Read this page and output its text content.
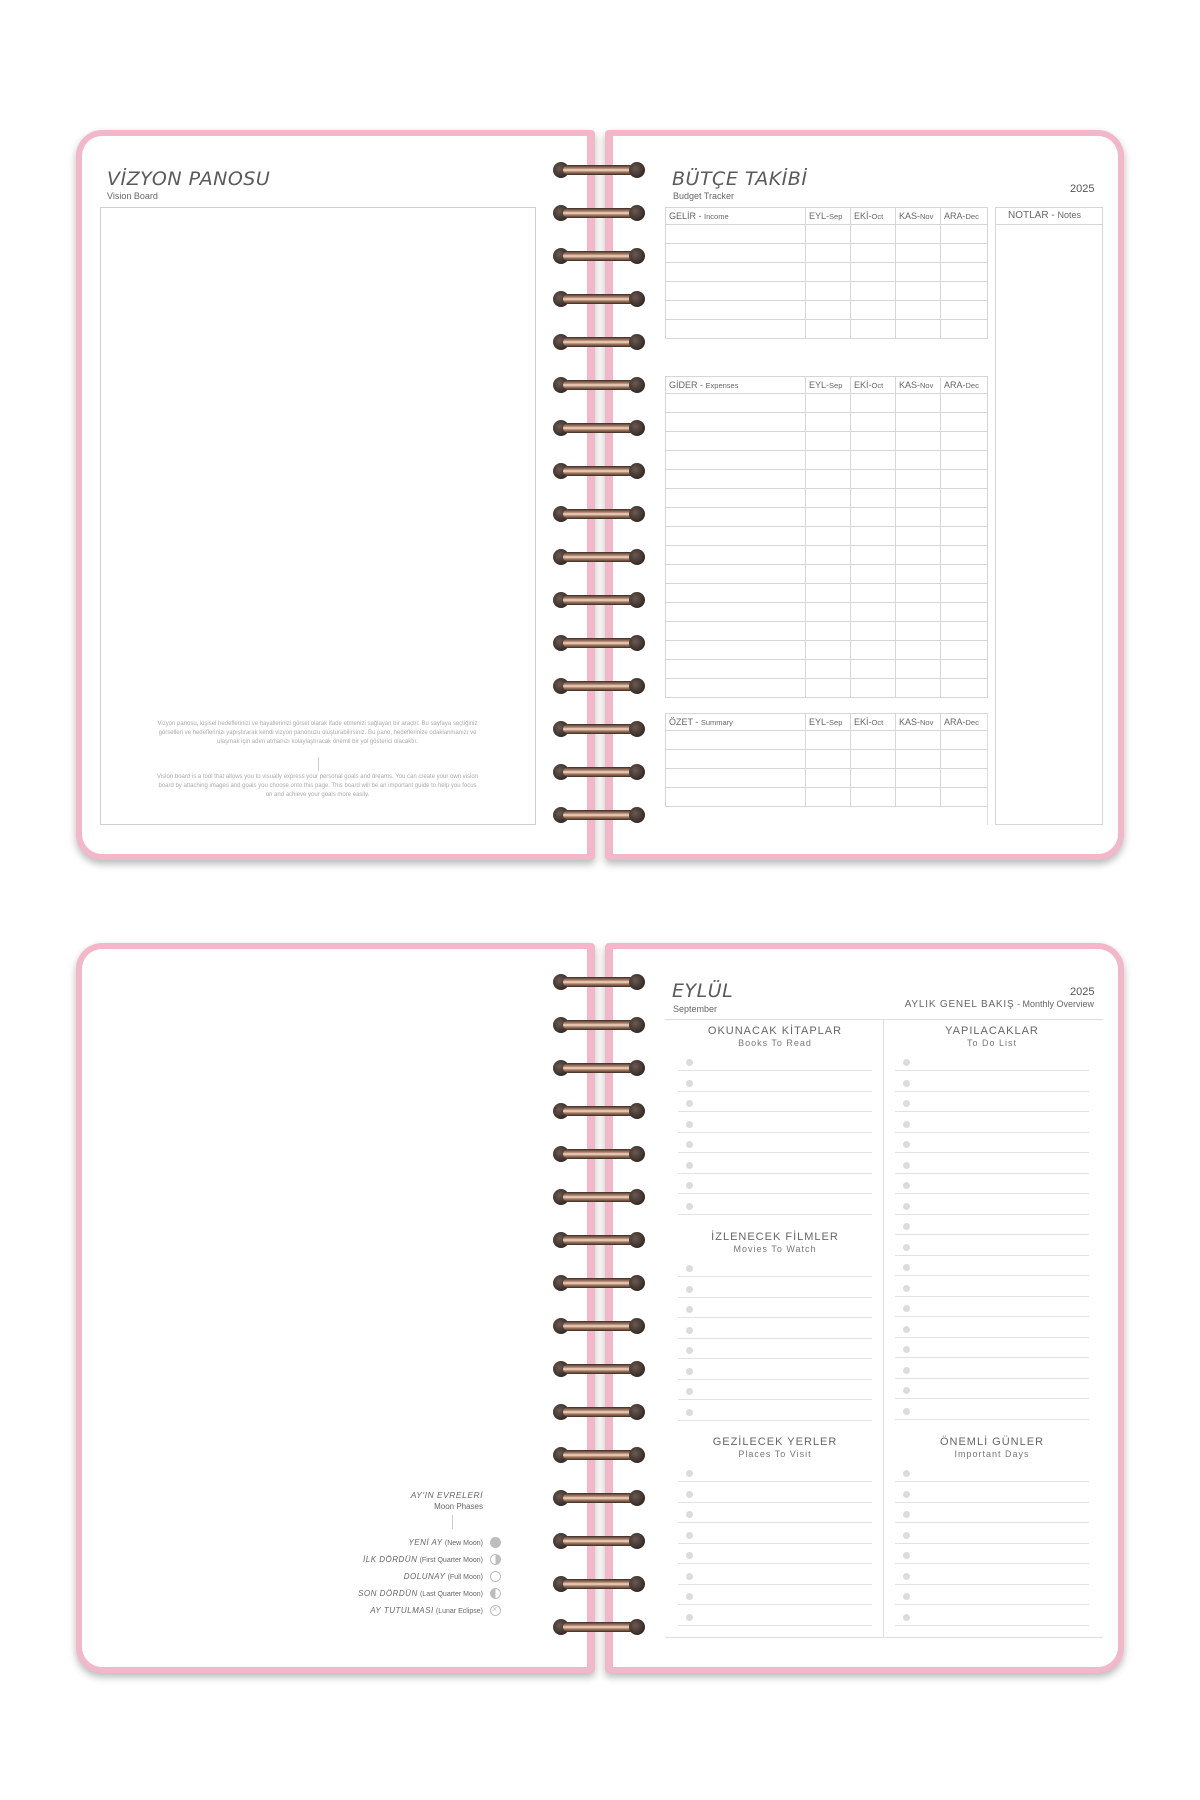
VİZYON PANOSU
Vision Board
Vizyon panosu, kişisel hedeflerinizi ve hayallerinizi görsel olarak ifade etmenizi sağlayan bir araçtır. Bu sayfaya seçtiğiniz görselleri ve hedeflerinizi yapıştırarak kendi vizyon panonuzu oluşturabilirsiniz. Bu pano, hedeflerinize odaklanmanızı ve ulaşmak için adım atmanızı kolaylaştıracak önemli bir yol gösterici olacaktır.
Vision board is a tool that allows you to visually express your personal goals and dreams. You can create your own vision board by attaching images and goals you choose onto this page. This board will be an important guide to help you focus on and achieve your goals more easily.
BÜTÇE TAKİBİ
Budget Tracker
2025
GELİR - Income	EYL-Sep	EKİ-Oct	KAS-Nov	ARA-Dec

GİDER - Expenses	EYL-Sep	EKİ-Oct	KAS-Nov	ARA-Dec

ÖZET - Summary	EYL-Sep	EKİ-Oct	KAS-Nov	ARA-Dec

NOTLAR - Notes
AY'IN EVRELERİ
Moon Phases
YENİ AY (New Moon)
İLK DÖRDÜN (First Quarter Moon)
DOLUNAY (Full Moon)
SON DÖRDÜN (Last Quarter Moon)
AY TUTULMASI (Lunar Eclipse) ×
EYLÜL
September
2025
AYLIK GENEL BAKIŞ - Monthly Overview
OKUNACAK KİTAPLAR
Books To Read
İZLENECEK FİLMLER
Movies To Watch
GEZİLECEK YERLER
Places To Visit
YAPILACAKLAR
To Do List
ÖNEMLİ GÜNLER
Important Days
